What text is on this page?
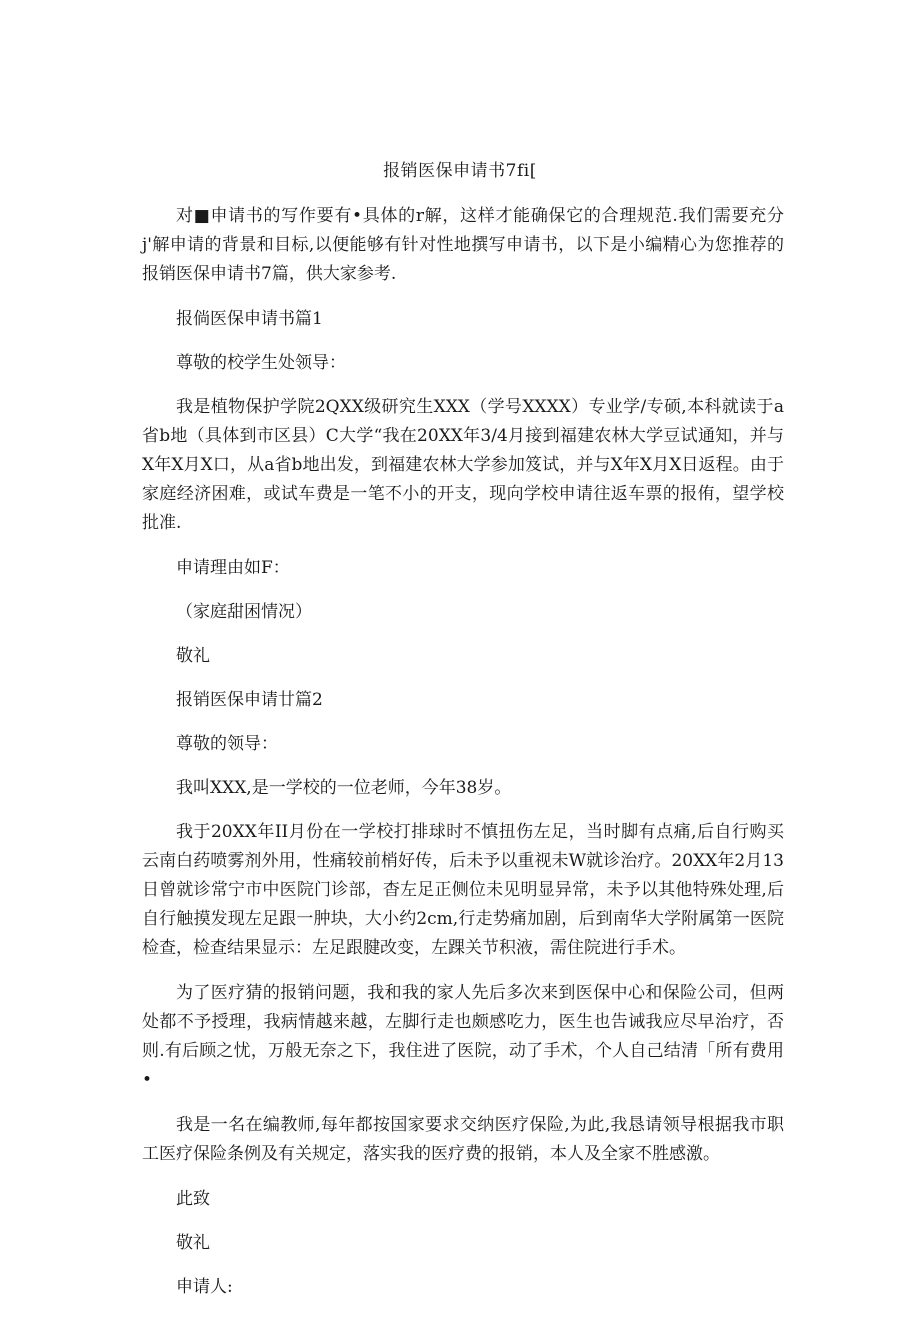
报销医保申请书7fi[

对■申请书的写作要有•具体的r解，这样才能确保它的合理规范.我们需要充分j'解申请的背景和目标,以便能够有针对性地撰写申请书，以下是小编精心为您推荐的报销医保申请书7篇，供大家参考.

报倘医保申请书篇1

尊敬的校学生处领导：

我是植物保护学院2QXX级研究生XXX（学号XXXX）专业学/专硕,本科就读于a省b地（具体到市区县）C大学“我在20XX年3/4月接到福建农林大学豆试通知，并与X年X月X口，从a省b地出发，到福建农林大学参加笈试，并与X年X月X日返程。由于家庭经济困难，或试车费是一笔不小的开支，现向学校申请往返车票的报侑，望学校批准.

申请理由如F：

（家庭甜困情况）

敬礼

报销医保申请廿篇2

尊敬的领导：

我叫XXX,是一学校的一位老师，今年38岁。

我于20XX年II月份在一学校打排球时不慎扭伤左足，当时脚有点痛,后自行购买云南白药喷雾剂外用，性痛较前梢好传，后未予以重视未W就诊治疗。20XX年2月13日曾就诊常宁市中医院门诊部，杳左足正侧位未见明显异常，未予以其他特殊处理,后自行触摸发现左足跟一肿块，大小约2cm,行走势痛加剧，后到南华大学附属第一医院检查，检查结果显示：左足跟腱改变，左踝关节积液，需住院进行手术。

为了医疗猜的报销问题，我和我的家人先后多次来到医保中心和保险公司，但两处都不予授理，我病情越来越，左脚行走也颇感吃力，医生也告诫我应尽早治疗，否则.有后顾之忧，万般无奈之下，我住进了医院，动了手术，个人自己结清「所有费用•

我是一名在编教师,每年都按国家要求交纳医疗保险,为此,我恳请领导根据我市职工医疗保险条例及有关规定，落实我的医疗费的报销，本人及全家不胜感激。

此致

敬礼

申请人:
